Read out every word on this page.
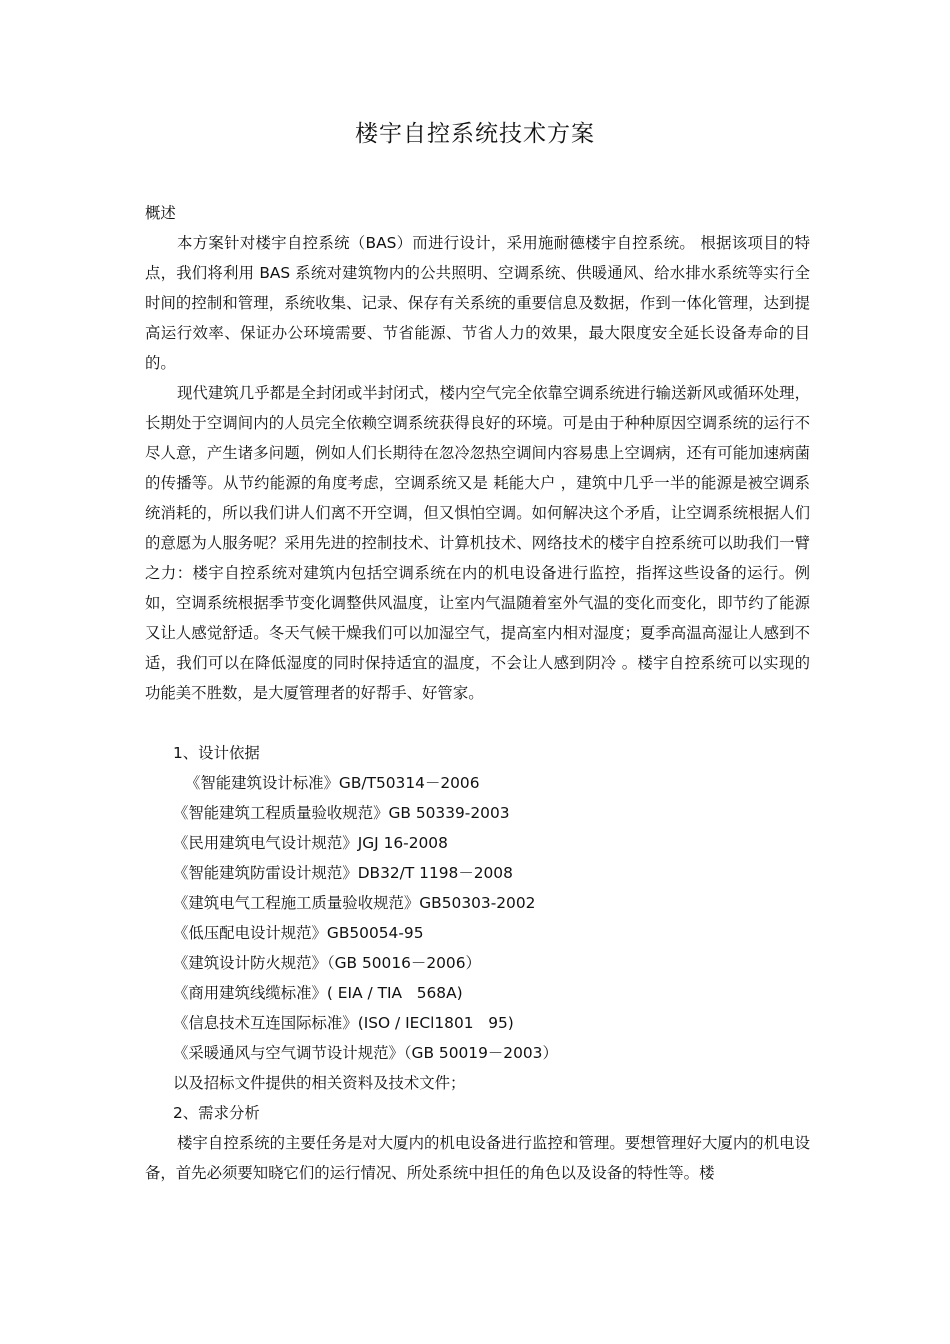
楼宇自控系统技术方案

概述

本方案针对楼宇自控系统（BAS）而进行设计，采用施耐德楼宇自控系统。 根据该项目的特点，我们将利用 BAS 系统对建筑物内的公共照明、空调系统、供暖通风、给水排水系统等实行全时间的控制和管理，系统收集、记录、保存有关系统的重要信息及数据，作到一体化管理，达到提高运行效率、保证办公环境需要、节省能源、节省人力的效果，最大限度安全延长设备寿命的目的。

现代建筑几乎都是全封闭或半封闭式，楼内空气完全依靠空调系统进行输送新风或循环处理，长期处于空调间内的人员完全依赖空调系统获得良好的环境。可是由于种种原因空调系统的运行不尽人意，产生诸多问题，例如人们长期待在忽冷忽热空调间内容易患上空调病，还有可能加速病菌的传播等。从节约能源的角度考虑，空调系统又是 耗能大户 ，建筑中几乎一半的能源是被空调系统消耗的，所以我们讲人们离不开空调，但又惧怕空调。如何解决这个矛盾，让空调系统根据人们的意愿为人服务呢？采用先进的控制技术、计算机技术、网络技术的楼宇自控系统可以助我们一臂之力：楼宇自控系统对建筑内包括空调系统在内的机电设备进行监控，指挥这些设备的运行。例如，空调系统根据季节变化调整供风温度，让室内气温随着室外气温的变化而变化，即节约了能源又让人感觉舒适。冬天气候干燥我们可以加湿空气，提高室内相对湿度；夏季高温高湿让人感到不适，我们可以在降低湿度的同时保持适宜的温度，不会让人感到阴冷 。楼宇自控系统可以实现的功能美不胜数，是大厦管理者的好帮手、好管家。

1、设计依据

《智能建筑设计标准》GB/T50314－2006
《智能建筑工程质量验收规范》GB 50339-2003
《民用建筑电气设计规范》JGJ 16-2008
《智能建筑防雷设计规范》DB32/T 1198－2008
《建筑电气工程施工质量验收规范》GB50303-2002
《低压配电设计规范》GB50054-95
《建筑设计防火规范》（GB 50016－2006）
《商用建筑线缆标准》( EIA / TIA   568A)
《信息技术互连国际标准》(ISO / IECl1801   95)
《采暖通风与空气调节设计规范》（GB 50019－2003）

以及招标文件提供的相关资料及技术文件；

2、需求分析

楼宇自控系统的主要任务是对大厦内的机电设备进行监控和管理。要想管理好大厦内的机电设备，首先必须要知晓它们的运行情况、所处系统中担任的角色以及设备的特性等。楼
